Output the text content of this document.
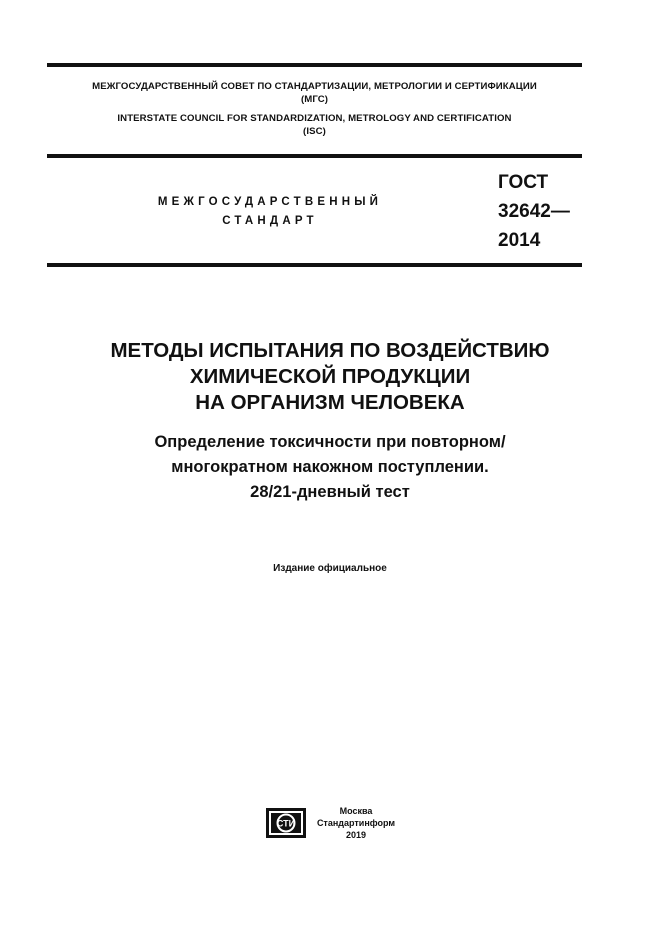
МЕЖГОСУДАРСТВЕННЫЙ СОВЕТ ПО СТАНДАРТИЗАЦИИ, МЕТРОЛОГИИ И СЕРТИФИКАЦИИ
(МГС)
INTERSTATE COUNCIL FOR STANDARDIZATION, METROLOGY AND CERTIFICATION
(ISC)
МЕЖГОСУДАРСТВЕННЫЙ
СТАНДАРТ
ГОСТ
32642—
2014
МЕТОДЫ ИСПЫТАНИЯ ПО ВОЗДЕЙСТВИЮ
ХИМИЧЕСКОЙ ПРОДУКЦИИ
НА ОРГАНИЗМ ЧЕЛОВЕКА
Определение токсичности при повторном/
многократном накожном поступлении.
28/21-дневный тест
Издание официальное
СТИ
Москва
Стандартинформ
2019
